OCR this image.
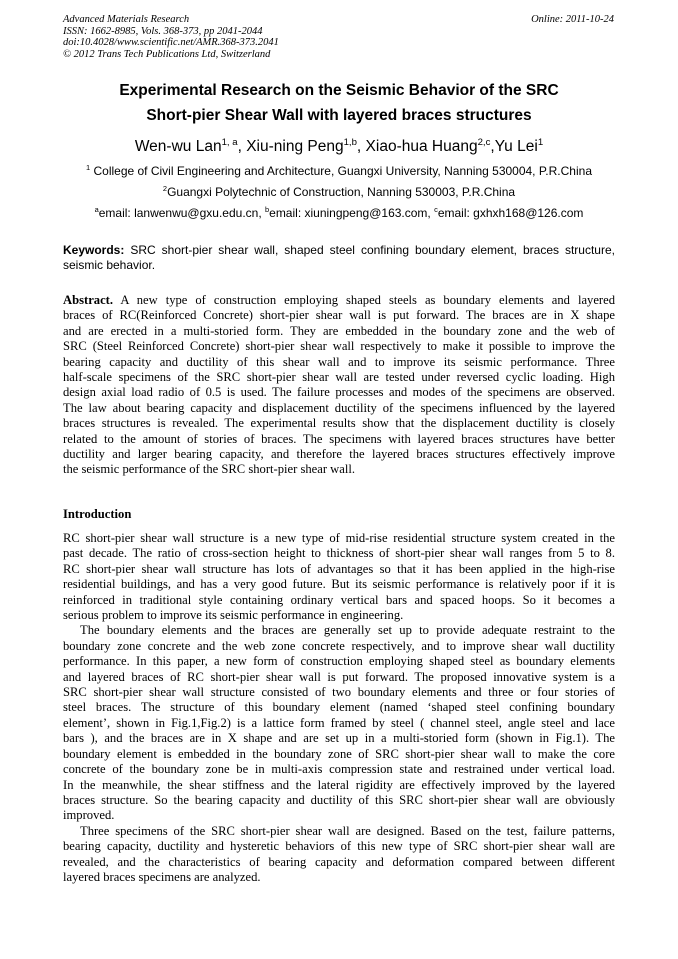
Advanced Materials Research
ISSN: 1662-8985, Vols. 368-373, pp 2041-2044
doi:10.4028/www.scientific.net/AMR.368-373.2041
© 2012 Trans Tech Publications Ltd, Switzerland
Online: 2011-10-24
Experimental Research on the Seismic Behavior of the SRC
Short-pier Shear Wall with layered braces structures
Wen-wu Lan$^{1, a}$, Xiu-ning Peng$^{1,b}$, Xiao-hua Huang$^{2,c}$,Yu Lei$^1$
$^1$ College of Civil Engineering and Architecture, Guangxi University, Nanning 530004, P.R.China
$^2$Guangxi Polytechnic of Construction, Nanning 530003, P.R.China
$^a$email: lanwenwu@gxu.edu.cn, $^b$email: xiuningpeng@163.com, $^c$email: gxhxh168@126.com
Keywords: SRC short-pier shear wall, shaped steel confining boundary element, braces structure,
seismic behavior.
Abstract. A new type of construction employing shaped steels as boundary elements and layered
braces of RC(Reinforced Concrete) short-pier shear wall is put forward. The braces are in X shape
and are erected in a multi-storied form. They are embedded in the boundary zone and the web of
SRC (Steel Reinforced Concrete) short-pier shear wall respectively to make it possible to improve the
bearing capacity and ductility of this shear wall and to improve its seismic performance. Three
half-scale specimens of the SRC short-pier shear wall are tested under reversed cyclic loading. High
design axial load radio of 0.5 is used. The failure processes and modes of the specimens are observed.
The law about bearing capacity and displacement ductility of the specimens influenced by the layered
braces structures is revealed. The experimental results show that the displacement ductility is closely
related to the amount of stories of braces. The specimens with layered braces structures have better
ductility and larger bearing capacity, and therefore the layered braces structures effectively improve
the seismic performance of the SRC short-pier shear wall.
Introduction
RC short-pier shear wall structure is a new type of mid-rise residential structure system created in the
past decade. The ratio of cross-section height to thickness of short-pier shear wall ranges from 5 to 8.
RC short-pier shear wall structure has lots of advantages so that it has been applied in the high-rise
residential buildings, and has a very good future. But its seismic performance is relatively poor if it is
reinforced in traditional style containing ordinary vertical bars and spaced hoops. So it becomes a
serious problem to improve its seismic performance in engineering.
The boundary elements and the braces are generally set up to provide adequate restraint to the
boundary zone concrete and the web zone concrete respectively, and to improve shear wall ductility
performance. In this paper, a new form of construction employing shaped steel as boundary elements
and layered braces of RC short-pier shear wall is put forward. The proposed innovative system is a
SRC short-pier shear wall structure consisted of two boundary elements and three or four stories of
steel braces. The structure of this boundary element (named ‘shaped steel confining boundary
element’, shown in Fig.1,Fig.2) is a lattice form framed by steel ( channel steel, angle steel and lace
bars ), and the braces are in X shape and are set up in a multi-storied form (shown in Fig.1). The
boundary element is embedded in the boundary zone of SRC short-pier shear wall to make the core
concrete of the boundary zone be in multi-axis compression state and restrained under vertical load.
In the meanwhile, the shear stiffness and the lateral rigidity are effectively improved by the layered
braces structure. So the bearing capacity and ductility of this SRC short-pier shear wall are obviously
improved.
Three specimens of the SRC short-pier shear wall are designed. Based on the test, failure patterns,
bearing capacity, ductility and hysteretic behaviors of this new type of SRC short-pier shear wall are
revealed, and the characteristics of bearing capacity and deformation compared between different
layered braces specimens are analyzed.
